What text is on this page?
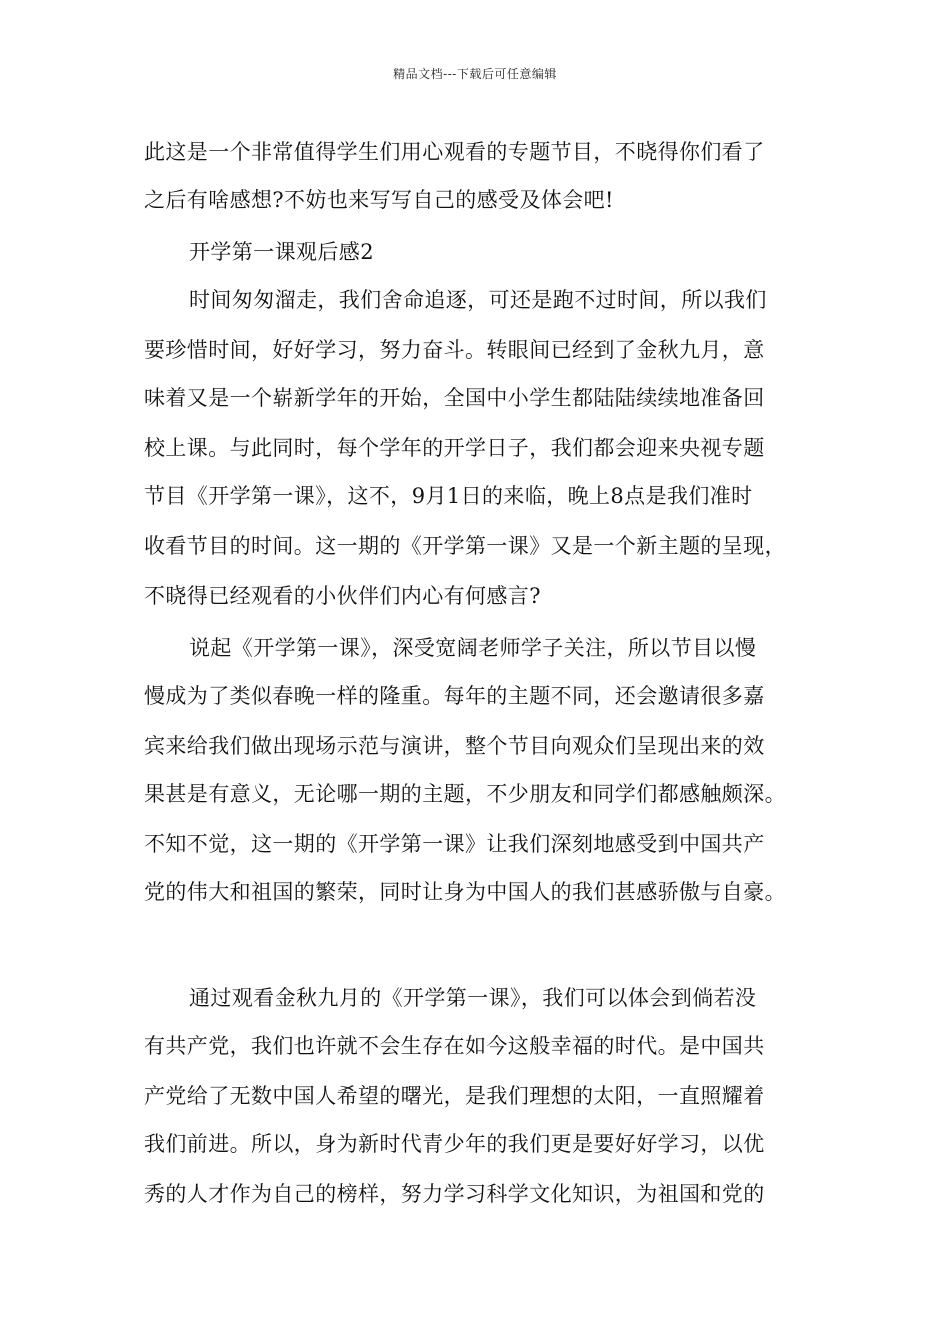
精品文档---下载后可任意编辑
此这是一个非常值得学生们用心观看的专题节目，不晓得你们看了
之后有啥感想?不妨也来写写自己的感受及体会吧!
开学第一课观后感2
时间匆匆溜走，我们舍命追逐，可还是跑不过时间，所以我们
要珍惜时间，好好学习，努力奋斗。转眼间已经到了金秋九月，意
味着又是一个崭新学年的开始，全国中小学生都陆陆续续地准备回
校上课。与此同时，每个学年的开学日子，我们都会迎来央视专题
节目《开学第一课》，这不，9月1日的来临，晚上8点是我们准时
收看节目的时间。这一期的《开学第一课》又是一个新主题的呈现，
不晓得已经观看的小伙伴们内心有何感言?
说起《开学第一课》，深受宽阔老师学子关注，所以节目以慢
慢成为了类似春晚一样的隆重。每年的主题不同，还会邀请很多嘉
宾来给我们做出现场示范与演讲，整个节目向观众们呈现出来的效
果甚是有意义，无论哪一期的主题，不少朋友和同学们都感触颇深。
不知不觉，这一期的《开学第一课》让我们深刻地感受到中国共产
党的伟大和祖国的繁荣，同时让身为中国人的我们甚感骄傲与自豪。
通过观看金秋九月的《开学第一课》，我们可以体会到倘若没
有共产党，我们也许就不会生存在如今这般幸福的时代。是中国共
产党给了无数中国人希望的曙光，是我们理想的太阳，一直照耀着
我们前进。所以，身为新时代青少年的我们更是要好好学习，以优
秀的人才作为自己的榜样，努力学习科学文化知识，为祖国和党的
